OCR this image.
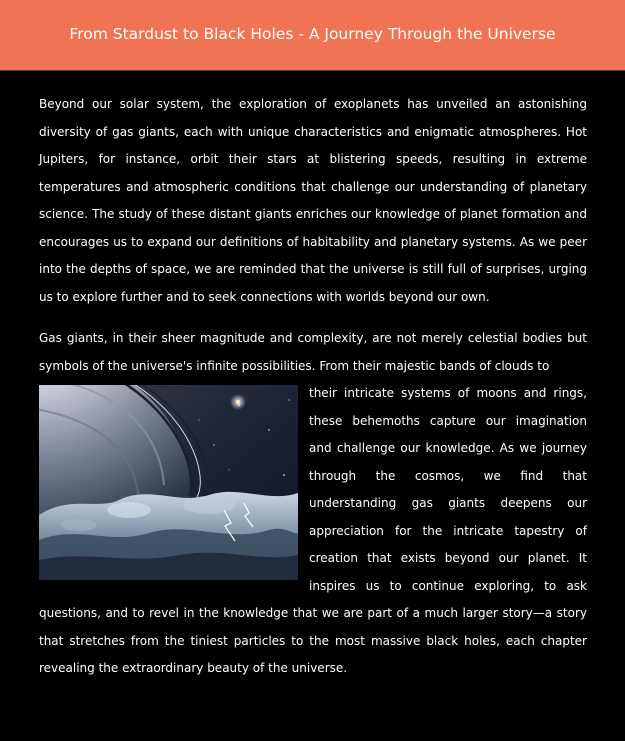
From Stardust to Black Holes - A Journey Through the Universe

Beyond our solar system, the exploration of exoplanets has unveiled an astonishing diversity of gas giants, each with unique characteristics and enigmatic atmospheres. Hot Jupiters, for instance, orbit their stars at blistering speeds, resulting in extreme temperatures and atmospheric conditions that challenge our understanding of planetary science. The study of these distant giants enriches our knowledge of planet formation and encourages us to expand our definitions of habitability and planetary systems. As we peer into the depths of space, we are reminded that the universe is still full of surprises, urging us to explore further and to seek connections with worlds beyond our own.

Gas giants, in their sheer magnitude and complexity, are not merely celestial bodies but symbols of the universe's infinite possibilities. From their majestic bands of clouds to

their intricate systems of moons and rings, these behemoths capture our imagination and challenge our knowledge. As we journey through the cosmos, we find that understanding gas giants deepens our appreciation for the intricate tapestry of creation that exists beyond our planet. It inspires us to continue exploring, to ask questions, and to revel in the knowledge that we are part of a much larger story—a story that stretches from the tiniest particles to the most massive black holes, each chapter revealing the extraordinary beauty of the universe.
